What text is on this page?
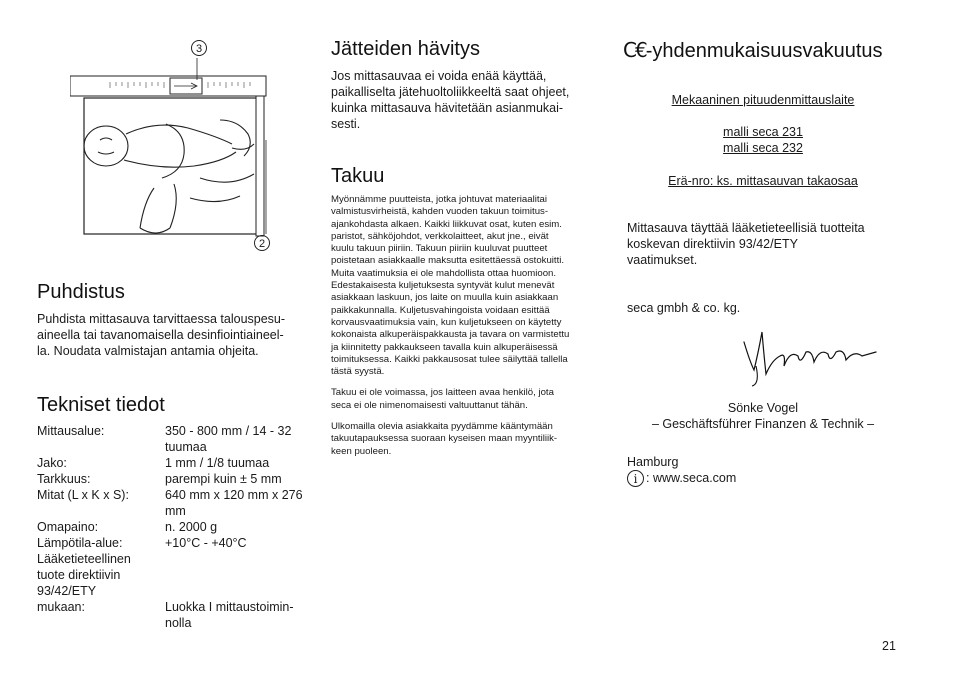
3
2
Puhdistus
Puhdista mittasauva tarvittaessa talouspesu-
aineella tai tavanomaisella desinfiointiaineel-
la. Noudata valmistajan antamia ohjeita.
Tekniset tiedot
Mittausalue:	350 - 800 mm / 14 - 32 tuumaa
Jako:	1 mm / 1/8 tuumaa
Tarkkuus:	parempi kuin ± 5 mm
Mitat (L x K x S):	640 mm x 120 mm x 276 mm
Omapaino:	n. 2000 g
Lämpötila-alue:	+10°C - +40°C
Lääketieteellinen tuote direktiivin 93/42/ETY mukaan:	Luokka I mittaustoimin-nolla
Jätteiden hävitys
Jos mittasauvaa ei voida enää käyttää,
paikalliselta jätehuoltoliikkeeltä saat ohjeet,
kuinka mittasauva hävitetään asianmukai-
sesti.
Takuu
Myönnämme puutteista, jotka johtuvat materiaalitai
valmistusvirheistä, kahden vuoden takuun toimitus-
ajankohdasta alkaen. Kaikki liikkuvat osat, kuten esim.
paristot, sähköjohdot, verkkolaitteet, akut jne., eivät
kuulu takuun piiriin. Takuun piiriin kuuluvat puutteet
poistetaan asiakkaalle maksutta esitettäessä ostokuitti.
Muita vaatimuksia ei ole mahdollista ottaa huomioon.
Edestakaisesta kuljetuksesta syntyvät kulut menevät
asiakkaan laskuun, jos laite on muulla kuin asiakkaan
paikkakunnalla. Kuljetusvahingoista voidaan esittää
korvausvaatimuksia vain, kun kuljetukseen on käytetty
kokonaista alkuperäispakkausta ja tavara on varmistettu
ja kiinnitetty pakkaukseen tavalla kuin alkuperäisessä
toimituksessa. Kaikki pakkausosat tulee säilyttää tallella
tästä syystä.
Takuu ei ole voimassa, jos laitteen avaa henkilö, jota
seca ei ole nimenomaisesti valtuuttanut tähän.
Ulkomailla olevia asiakkaita pyydämme kääntymään
takuutapauksessa suoraan kyseisen maan myyntiliik-
keen puoleen.
C€-yhdenmukaisuusvakuutus
Mekaaninen pituudenmittauslaite
malli seca 231
malli seca 232
Erä-nro: ks. mittasauvan takaosaa
Mittasauva täyttää lääketieteellisiä tuotteita
koskevan direktiivin 93/42/ETY
vaatimukset.
seca gmbh & co. kg.
Sönke Vogel
– Geschäftsführer Finanzen & Technik –
Hamburg
i : www.seca.com
21
